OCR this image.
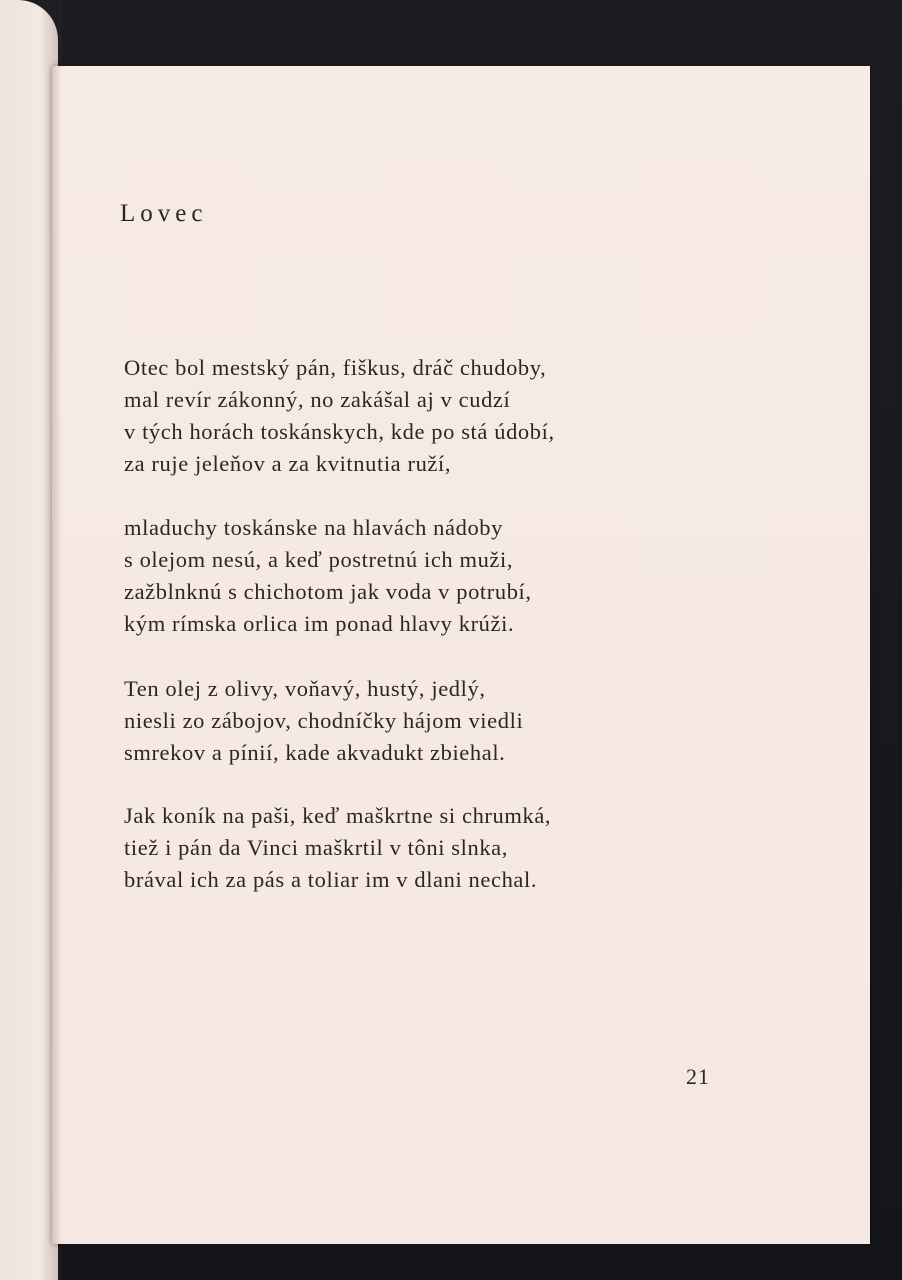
Lovec
Otec bol mestský pán, fiškus, dráč chudoby,
mal revír zákonný, no zakášal aj v cudzí
v tých horách toskánskych, kde po stá údobí,
za ruje jeleňov a za kvitnutia ruží,
mladuchy toskánske na hlavách nádoby
s olejom nesú, a keď postretnú ich muži,
zažblnknú s chichotom jak voda v potrubí,
kým rímska orlica im ponad hlavy krúži.
Ten olej z olivy, voňavý, hustý, jedlý,
niesli zo zábojov, chodníčky hájom viedli
smrekov a pínií, kade akvadukt zbiehal.
Jak koník na paši, keď maškrtne si chrumká,
tiež i pán da Vinci maškrtil v tôni slnka,
brával ich za pás a toliar im v dlani nechal.
21
